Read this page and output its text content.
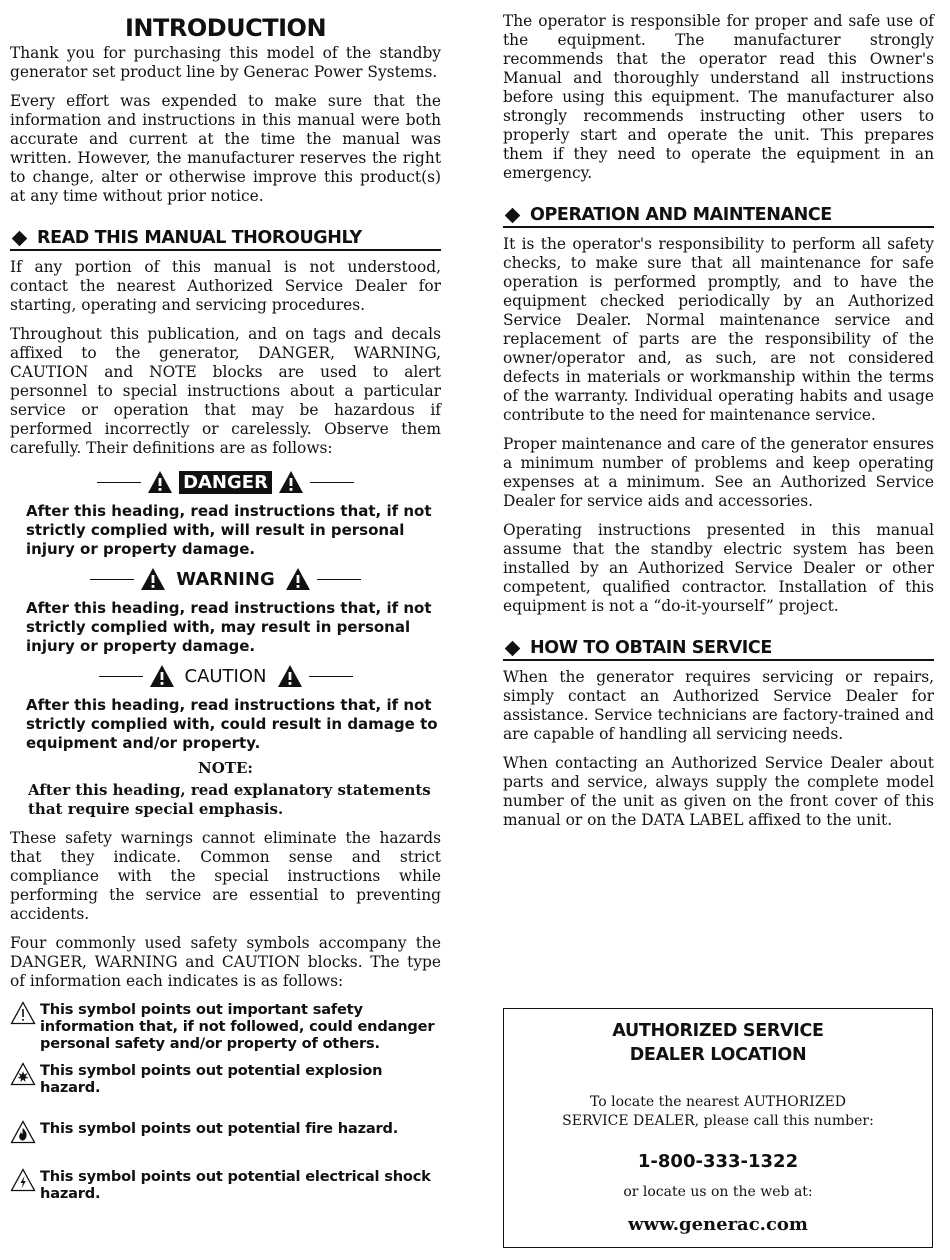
INTRODUCTION

Thank you for purchasing this model of the standby generator set product line by Generac Power Systems.

Every effort was expended to make sure that the information and instructions in this manual were both accurate and current at the time the manual was written. However, the manufacturer reserves the right to change, alter or otherwise improve this product(s) at any time without prior notice.

READ THIS MANUAL THOROUGHLY

If any portion of this manual is not understood, contact the nearest Authorized Service Dealer for starting, operating and servicing procedures.

Throughout this publication, and on tags and decals affixed to the generator, DANGER, WARNING, CAUTION and NOTE blocks are used to alert personnel to special instructions about a particular service or operation that may be hazardous if performed incorrectly or carelessly. Observe them carefully. Their definitions are as follows:

DANGER
After this heading, read instructions that, if not strictly complied with, will result in personal injury or property damage.
WARNING
After this heading, read instructions that, if not strictly complied with, may result in personal injury or property damage.
CAUTION
After this heading, read instructions that, if not strictly complied with, could result in damage to equipment and/or property.
NOTE:
After this heading, read explanatory statements that require special emphasis.

These safety warnings cannot eliminate the hazards that they indicate. Common sense and strict compliance with the special instructions while performing the service are essential to preventing accidents.

Four commonly used safety symbols accompany the DANGER, WARNING and CAUTION blocks. The type of information each indicates is as follows:

This symbol points out important safety information that, if not followed, could endanger personal safety and/or property of others.
This symbol points out potential explosion hazard.
This symbol points out potential fire hazard.
This symbol points out potential electrical shock hazard.

The operator is responsible for proper and safe use of the equipment. The manufacturer strongly recommends that the operator read this Owner's Manual and thoroughly understand all instructions before using this equipment. The manufacturer also strongly recommends instructing other users to properly start and operate the unit. This prepares them if they need to operate the equipment in an emergency.

OPERATION AND MAINTENANCE

It is the operator's responsibility to perform all safety checks, to make sure that all maintenance for safe operation is performed promptly, and to have the equipment checked periodically by an Authorized Service Dealer. Normal maintenance service and replacement of parts are the responsibility of the owner/operator and, as such, are not considered defects in materials or workmanship within the terms of the warranty. Individual operating habits and usage contribute to the need for maintenance service.

Proper maintenance and care of the generator ensures a minimum number of problems and keep operating expenses at a minimum. See an Authorized Service Dealer for service aids and accessories.

Operating instructions presented in this manual assume that the standby electric system has been installed by an Authorized Service Dealer or other competent, qualified contractor. Installation of this equipment is not a “do-it-yourself” project.

HOW TO OBTAIN SERVICE

When the generator requires servicing or repairs, simply contact an Authorized Service Dealer for assistance. Service technicians are factory-trained and are capable of handling all servicing needs.

When contacting an Authorized Service Dealer about parts and service, always supply the complete model number of the unit as given on the front cover of this manual or on the DATA LABEL affixed to the unit.

AUTHORIZED SERVICE
DEALER LOCATION
To locate the nearest AUTHORIZED
SERVICE DEALER, please call this number:
1-800-333-1322
or locate us on the web at:
www.generac.com
